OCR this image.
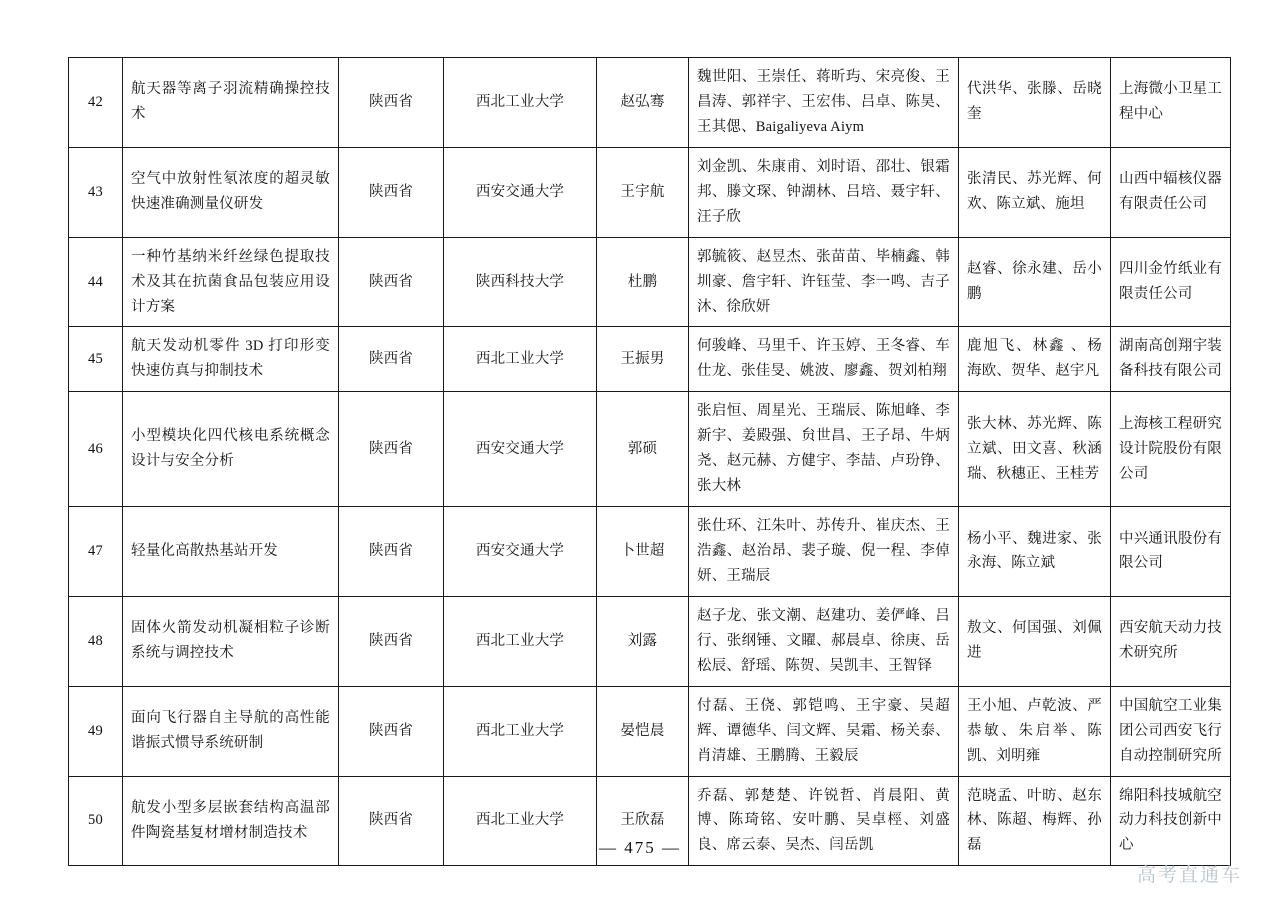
42	航天器等离子羽流精确操控技术	陕西省	西北工业大学	赵弘骞	魏世阳、王崇任、蒋昕玙、宋亮俊、王昌涛、郭祥宇、王宏伟、吕卓、陈昊、王其偲、Baigaliyeva Aiym	代洪华、张滕、岳晓奎	上海微小卫星工程中心
43	空气中放射性氡浓度的超灵敏快速准确测量仪研发	陕西省	西安交通大学	王宇航	刘金凯、朱康甫、刘时语、邵壮、银霜邦、滕文琛、钟湖林、吕培、聂宇轩、汪子欣	张清民、苏光辉、何欢、陈立斌、施坦	山西中辐核仪器有限责任公司
44	一种竹基纳米纤丝绿色提取技术及其在抗菌食品包装应用设计方案	陕西省	陕西科技大学	杜鹏	郭毓筱、赵昱杰、张苗苗、毕楠鑫、韩圳豪、詹宇轩、许钰莹、李一鸣、吉子沐、徐欣妍	赵睿、徐永建、岳小鹏	四川金竹纸业有限责任公司
45	航天发动机零件 3D 打印形变快速仿真与抑制技术	陕西省	西北工业大学	王振男	何骏峰、马里千、许玉婷、王冬睿、车仕龙、张佳旻、姚波、廖鑫、贺刘柏翔	鹿旭飞、林鑫 、杨海欧、贺华、赵宇凡	湖南高创翔宇装备科技有限公司
46	小型模块化四代核电系统概念设计与安全分析	陕西省	西安交通大学	郭硕	张启恒、周星光、王瑞辰、陈旭峰、李新宇、姜殿强、贠世昌、王子昂、牛炳尧、赵元赫、方健宇、李喆、卢玢铮、张大林	张大林、苏光辉、陈立斌、田文喜、秋涵瑞、秋穗正、王桂芳	上海核工程研究设计院股份有限公司
47	轻量化高散热基站开发	陕西省	西安交通大学	卜世超	张仕环、江朱叶、苏传升、崔庆杰、王浩鑫、赵治昂、裴子璇、倪一程、李倬妍、王瑞辰	杨小平、魏进家、张永海、陈立斌	中兴通讯股份有限公司
48	固体火箭发动机凝相粒子诊断系统与调控技术	陕西省	西北工业大学	刘露	赵子龙、张文潮、赵建功、姜俨峰、吕行、张纲锤、文矅、郝晨卓、徐庚、岳松辰、舒瑶、陈贺、吴凯丰、王智铎	敖文、何国强、刘佩进	西安航天动力技术研究所
49	面向飞行器自主导航的高性能谐振式惯导系统研制	陕西省	西北工业大学	晏恺晨	付磊、王侥、郭铠鸣、王宇豪、吴超辉、谭德华、闫文辉、吴霜、杨关泰、肖清雄、王鹏腾、王毅辰	王小旭、卢乾波、严恭敏、朱启举、陈凯、刘明雍	中国航空工业集团公司西安飞行自动控制研究所
50	航发小型多层嵌套结构高温部件陶瓷基复材增材制造技术	陕西省	西北工业大学	王欣磊	乔磊、郭楚楚、许锐哲、肖晨阳、黄博、陈琦铭、安叶鹏、吴卓桱、刘盛良、席云泰、吴杰、闫岳凯	范晓孟、叶昉、赵东林、陈超、梅辉、孙磊	绵阳科技城航空动力科技创新中心
— 475 —
高考直通车
